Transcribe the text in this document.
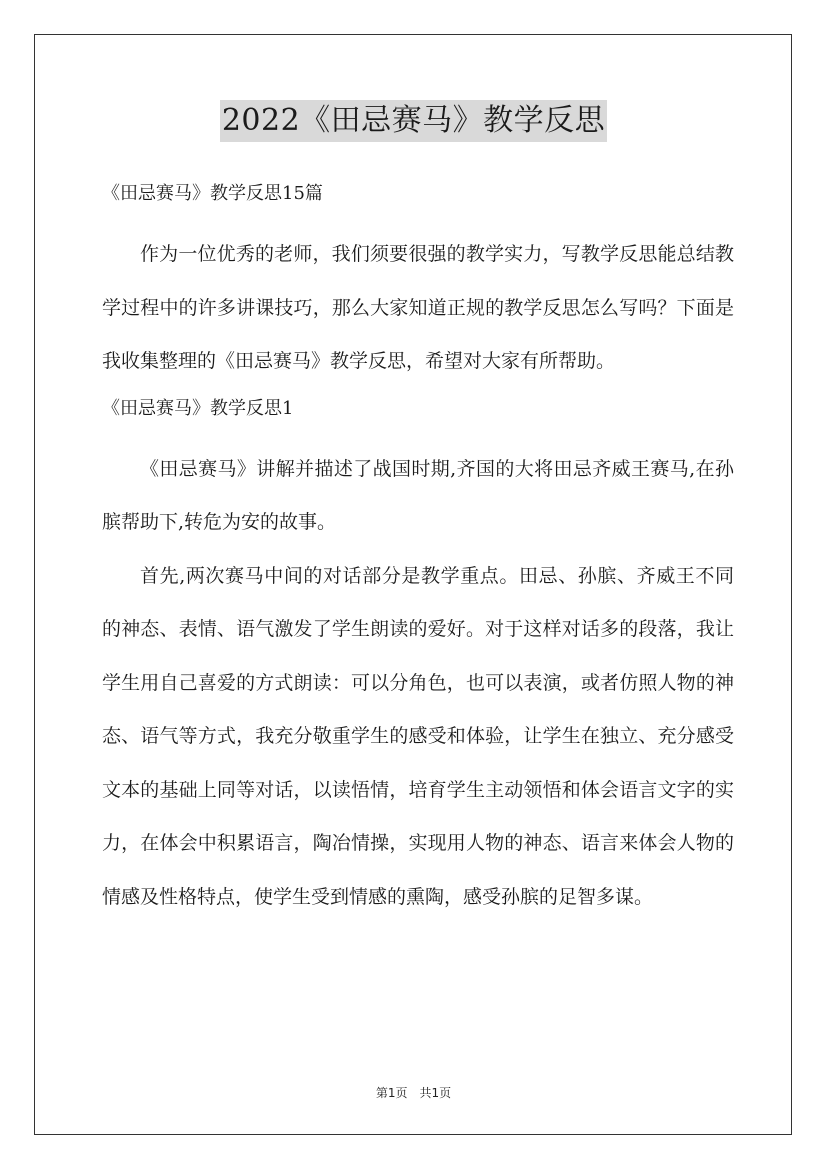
2022《田忌赛马》教学反思

《田忌赛马》教学反思15篇

作为一位优秀的老师，我们须要很强的教学实力，写教学反思能总结教学过程中的许多讲课技巧，那么大家知道正规的教学反思怎么写吗？下面是我收集整理的《田忌赛马》教学反思，希望对大家有所帮助。

《田忌赛马》教学反思1

《田忌赛马》讲解并描述了战国时期,齐国的大将田忌齐威王赛马,在孙膑帮助下,转危为安的故事。

首先,两次赛马中间的对话部分是教学重点。田忌、孙膑、齐威王不同的神态、表情、语气激发了学生朗读的爱好。对于这样对话多的段落，我让学生用自己喜爱的方式朗读：可以分角色，也可以表演，或者仿照人物的神态、语气等方式，我充分敬重学生的感受和体验，让学生在独立、充分感受文本的基础上同等对话，以读悟情，培育学生主动领悟和体会语言文字的实力，在体会中积累语言，陶冶情操，实现用人物的神态、语言来体会人物的情感及性格特点，使学生受到情感的熏陶，感受孙膑的足智多谋。

第1页 共1页
